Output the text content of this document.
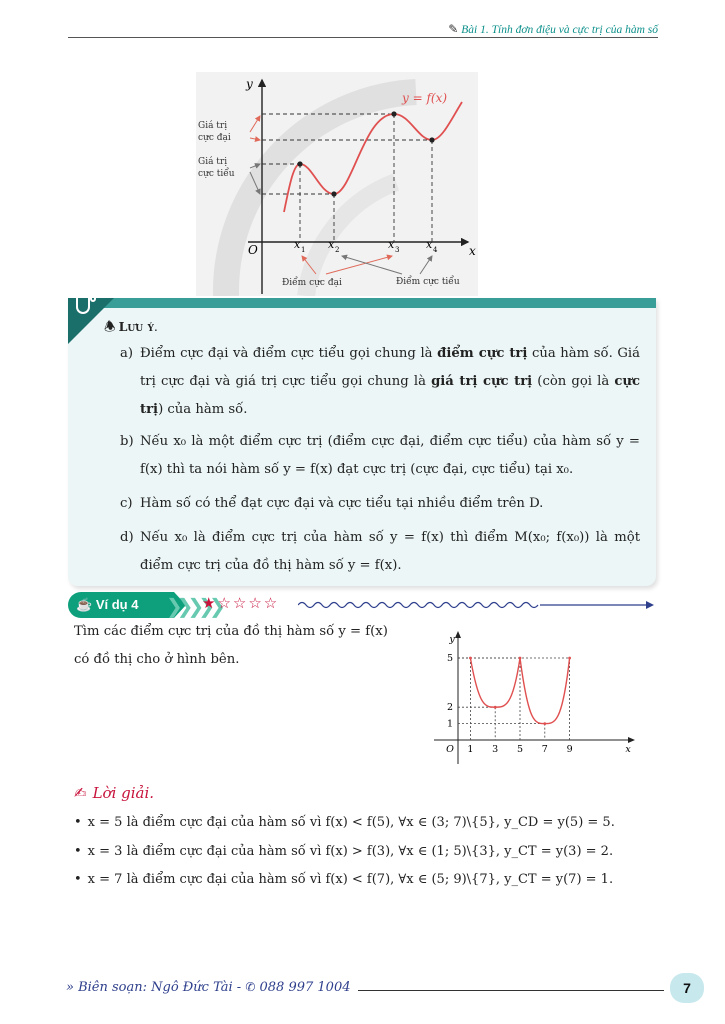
✎ Bài 1. Tính đơn điệu và cực trị của hàm số
y
x
O
y = f(x)
Giá trị
cực đại
Giá trị
cực tiểu
x 1 x 2	x 3 x 4
Điểm cực đại	Điểm cực tiểu
🕭 Lưu ý.
a) Điểm cực đại và điểm cực tiểu gọi chung là điểm cực trị của hàm số. Giá trị cực đại và giá trị cực tiểu gọi chung là giá trị cực trị (còn gọi là cực trị) của hàm số.
b) Nếu x₀ là một điểm cực trị (điểm cực đại, điểm cực tiểu) của hàm số y = f(x) thì ta nói hàm số y = f(x) đạt cực trị (cực đại, cực tiểu) tại x₀.
c) Hàm số có thể đạt cực đại và cực tiểu tại nhiều điểm trên D.
d) Nếu x₀ là điểm cực trị của hàm số y = f(x) thì điểm M(x₀; f(x₀)) là một điểm cực trị của đồ thị hàm số y = f(x).
☕ Ví dụ 4	❯❯❯❯❯
★☆☆☆☆
Tìm các điểm cực trị của đồ thị hàm số y = f(x)
có đồ thị cho ở hình bên.
y
x
O 1 3 5 7 9
1
2
5
✍ Lời giải.
• x = 5 là điểm cực đại của hàm số vì f(x) < f(5), ∀x ∈ (3; 7)\{5}, y_CD = y(5) = 5.
• x = 3 là điểm cực đại của hàm số vì f(x) > f(3), ∀x ∈ (1; 5)\{3}, y_CT = y(3) = 2.
• x = 7 là điểm cực đại của hàm số vì f(x) < f(7), ∀x ∈ (5; 9)\{7}, y_CT = y(7) = 1.
» Biên soạn: Ngô Đức Tài - ✆ 088 997 1004	7
